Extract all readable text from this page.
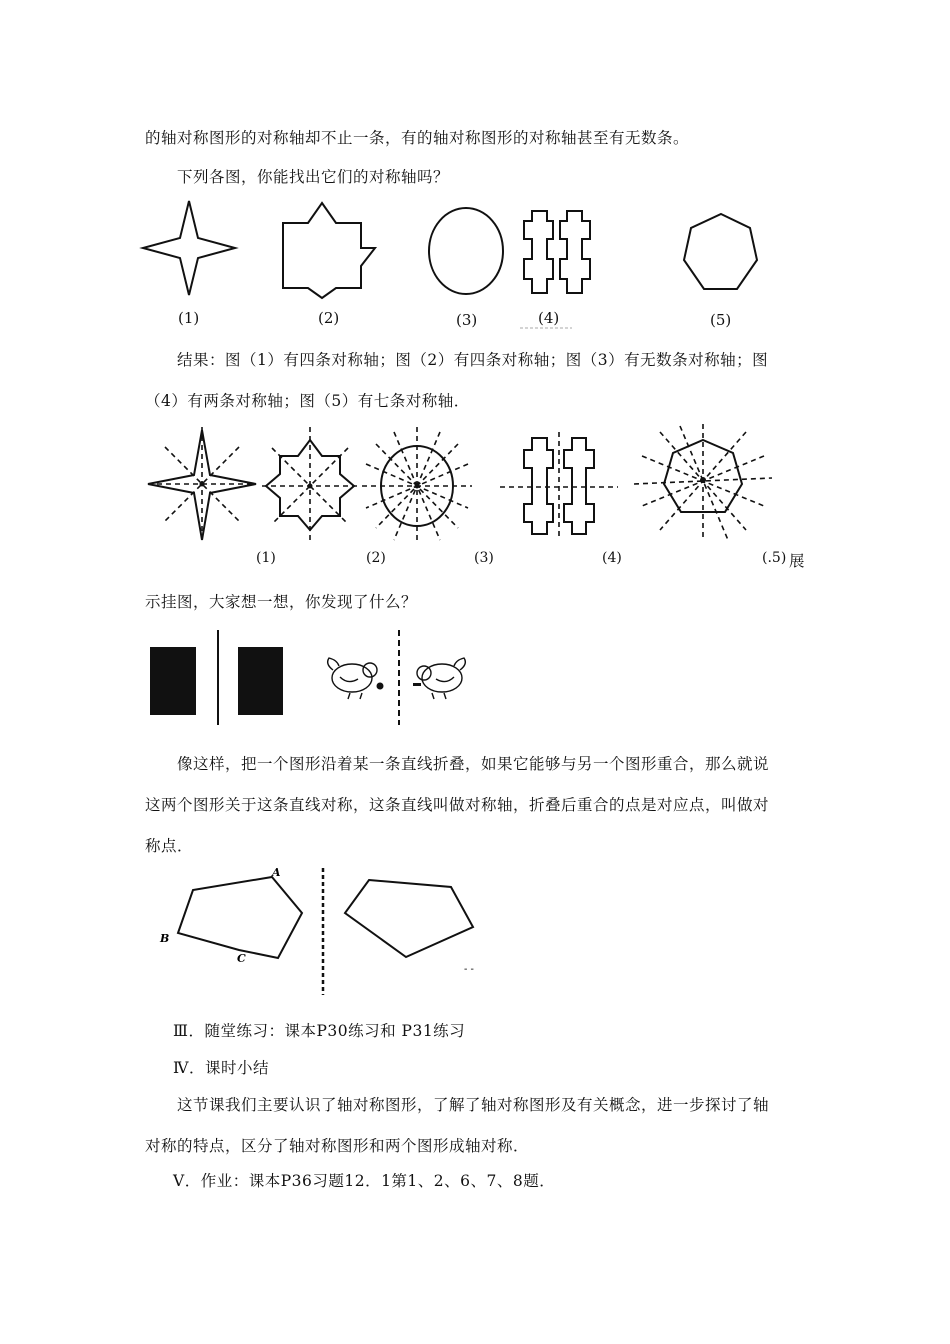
的轴对称图形的对称轴却不止一条，有的轴对称图形的对称轴甚至有无数条。
下列各图，你能找出它们的对称轴吗？
(1)	(2)	(3)	(4)	(5)
结果：图（1）有四条对称轴；图（2）有四条对称轴；图（3）有无数条对称轴；图
（4）有两条对称轴；图（5）有七条对称轴．
(1)	(2)	(3)	(4)	(.5) 展
示挂图，大家想一想，你发现了什么？
像这样，把一个图形沿着某一条直线折叠，如果它能够与另一个图形重合，那么就说
这两个图形关于这条直线对称，这条直线叫做对称轴，折叠后重合的点是对应点，叫做对
称点．
A
B
C
- -
Ⅲ．随堂练习：课本P30练习和 P31练习
Ⅳ．课时小结
这节课我们主要认识了轴对称图形，了解了轴对称图形及有关概念，进一步探讨了轴
对称的特点，区分了轴对称图形和两个图形成轴对称．
Ⅴ．作业：课本P36习题12．1第1、2、6、7、8题．
